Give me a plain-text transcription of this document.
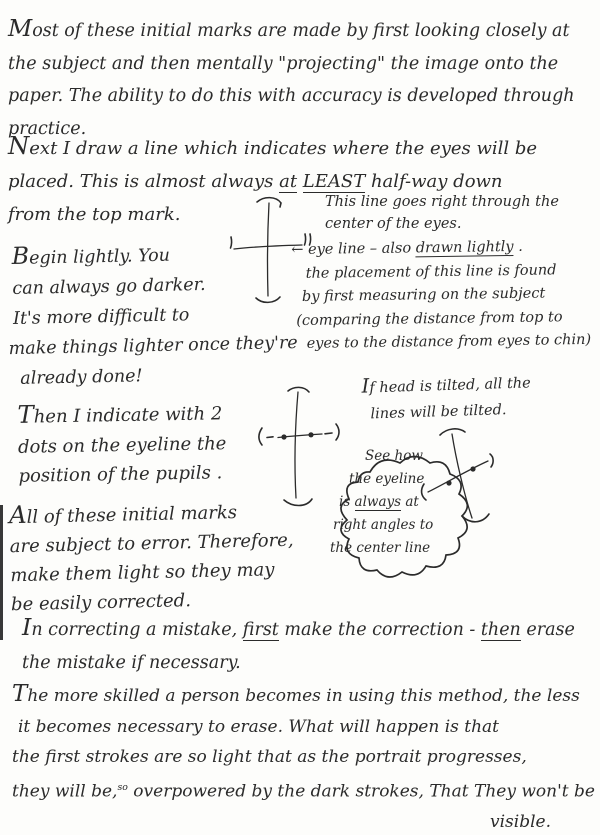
Most of these initial marks are made by first looking closely at
the subject and then mentally "projecting" the image onto the
paper. The ability to do this with accuracy is developed through
practice.
Next I draw a line which indicates where the eyes will be
placed. This is almost always at LEAST half-way down
from the top mark.
This line goes right through the
center of the eyes.
Begin lightly. You
can always go darker.
It's more difficult to
make things lighter once they're
already done!
← eye line – also drawn lightly .
the placement of this line is found
by first measuring on the subject
(comparing the distance from top to
eyes to the distance from eyes to chin)
Then I indicate with 2
dots on the eyeline the
position of the pupils .
If head is tilted, all the
lines will be tilted.
See how
the eyeline
is always at
right angles to
the center line
All of these initial marks
are subject to error. Therefore,
make them light so they may
be easily corrected.
In correcting a mistake, first make the correction - then erase
the mistake if necessary.
The more skilled a person becomes in using this method, the less
it becomes necessary to erase. What will happen is that
the first strokes are so light that as the portrait progresses,
they will be,$^{so}$ overpowered by the dark strokes, That They won't be
visible.
